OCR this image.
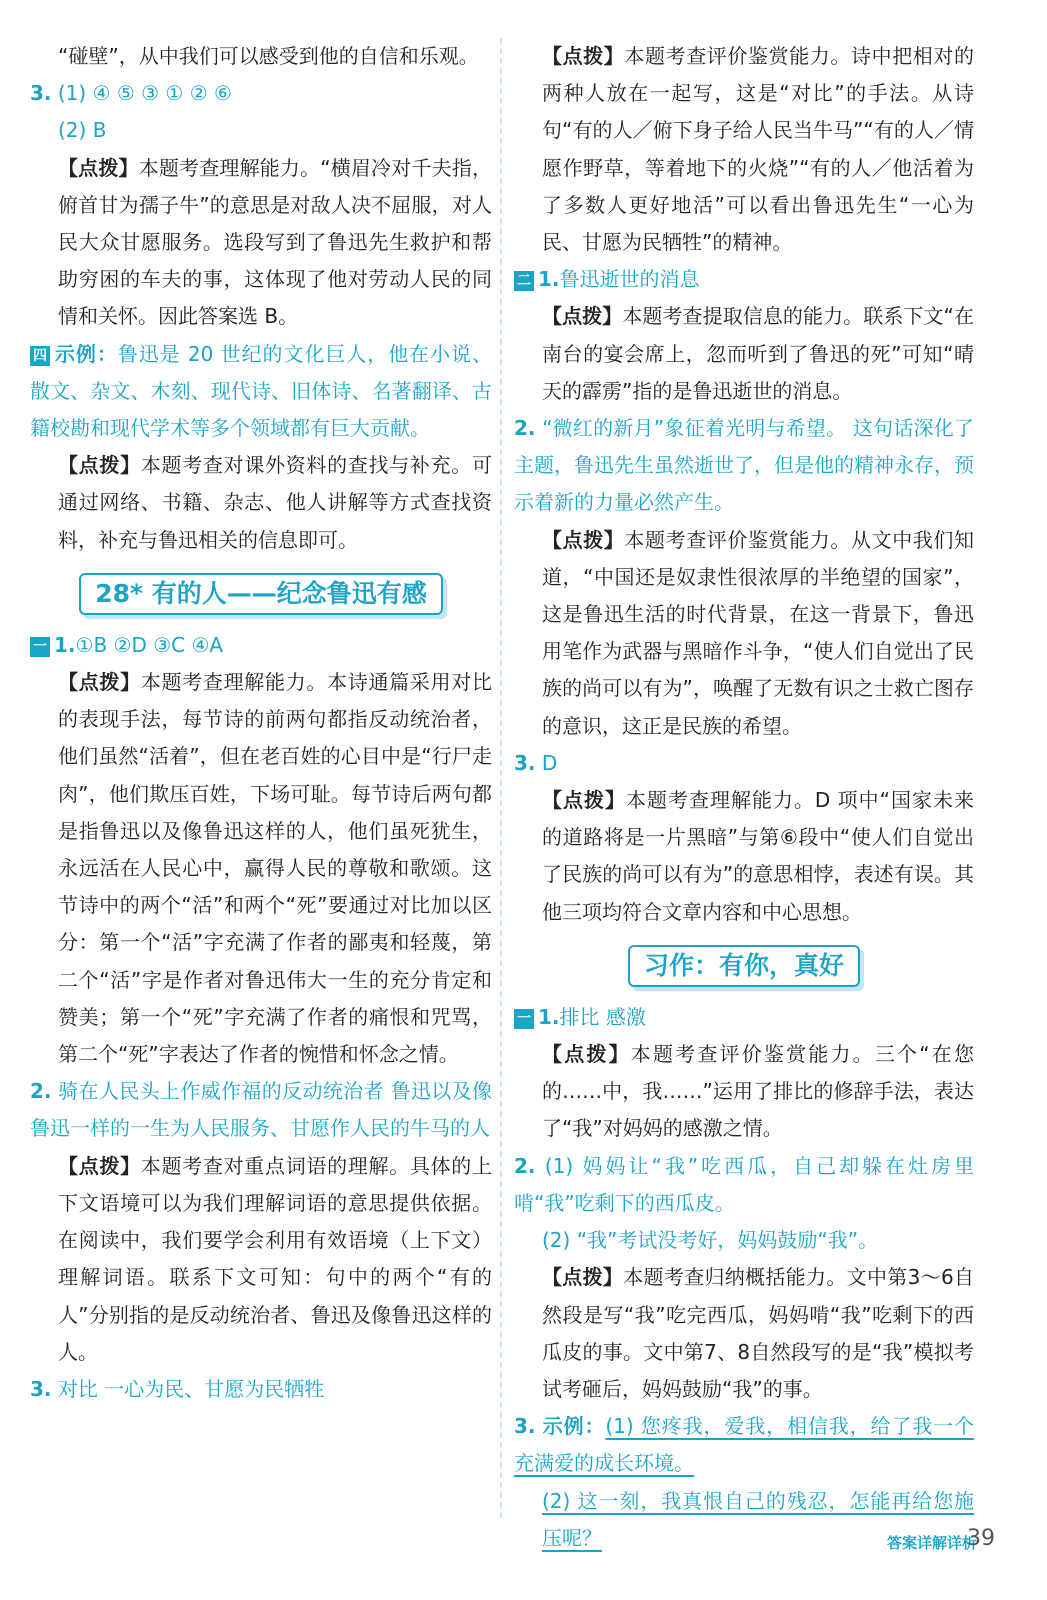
“碰壁”，从中我们可以感受到他的自信和乐观。

3. (1) ④ ⑤ ③ ① ② ⑥

(2) B

【点拨】本题考查理解能力。“横眉冷对千夫指，俯首甘为孺子牛”的意思是对敌人决不屈服，对人民大众甘愿服务。选段写到了鲁迅先生救护和帮助穷困的车夫的事，这体现了他对劳动人民的同情和关怀。因此答案选 B。

四 示例：鲁迅是 20 世纪的文化巨人，他在小说、散文、杂文、木刻、现代诗、旧体诗、名著翻译、古籍校勘和现代学术等多个领域都有巨大贡献。

【点拨】本题考查对课外资料的查找与补充。可通过网络、书籍、杂志、他人讲解等方式查找资料，补充与鲁迅相关的信息即可。

28* 有的人——纪念鲁迅有感

一 1.①B ②D ③C ④A

【点拨】本题考查理解能力。本诗通篇采用对比的表现手法，每节诗的前两句都指反动统治者，他们虽然“活着”，但在老百姓的心目中是“行尸走肉”，他们欺压百姓，下场可耻。每节诗后两句都是指鲁迅以及像鲁迅这样的人，他们虽死犹生，永远活在人民心中，赢得人民的尊敬和歌颂。这节诗中的两个“活”和两个“死”要通过对比加以区分：第一个“活”字充满了作者的鄙夷和轻蔑，第二个“活”字是作者对鲁迅伟大一生的充分肯定和赞美；第一个“死”字充满了作者的痛恨和咒骂，第二个“死”字表达了作者的惋惜和怀念之情。

2. 骑在人民头上作威作福的反动统治者 鲁迅以及像鲁迅一样的一生为人民服务、甘愿作人民的牛马的人

【点拨】本题考查对重点词语的理解。具体的上下文语境可以为我们理解词语的意思提供依据。在阅读中，我们要学会利用有效语境（上下文）理解词语。联系下文可知：句中的两个“有的人”分别指的是反动统治者、鲁迅及像鲁迅这样的人。

3. 对比 一心为民、甘愿为民牺牲

【点拨】本题考查评价鉴赏能力。诗中把相对的两种人放在一起写，这是“对比”的手法。从诗句“有的人／俯下身子给人民当牛马”“有的人／情愿作野草，等着地下的火烧”“有的人／他活着为了多数人更好地活”可以看出鲁迅先生“一心为民、甘愿为民牺牲”的精神。

二 1.鲁迅逝世的消息

【点拨】本题考查提取信息的能力。联系下文“在南台的宴会席上，忽而听到了鲁迅的死”可知“晴天的霹雳”指的是鲁迅逝世的消息。

2. “微红的新月”象征着光明与希望。 这句话深化了主题，鲁迅先生虽然逝世了，但是他的精神永存，预示着新的力量必然产生。

【点拨】本题考查评价鉴赏能力。从文中我们知道，“中国还是奴隶性很浓厚的半绝望的国家”，这是鲁迅生活的时代背景，在这一背景下，鲁迅用笔作为武器与黑暗作斗争，“使人们自觉出了民族的尚可以有为”，唤醒了无数有识之士救亡图存的意识，这正是民族的希望。

3. D

【点拨】本题考查理解能力。D 项中“国家未来的道路将是一片黑暗”与第⑥段中“使人们自觉出了民族的尚可以有为”的意思相悖，表述有误。其他三项均符合文章内容和中心思想。

习作：有你，真好

一 1.排比 感激

【点拨】本题考查评价鉴赏能力。三个“在您的……中，我……”运用了排比的修辞手法，表达了“我”对妈妈的感激之情。

2. (1) 妈妈让“我”吃西瓜，自己却躲在灶房里啃“我”吃剩下的西瓜皮。

(2) “我”考试没考好，妈妈鼓励“我”。

【点拨】本题考查归纳概括能力。文中第3～6自然段是写“我”吃完西瓜，妈妈啃“我”吃剩下的西瓜皮的事。文中第7、8自然段写的是“我”模拟考试考砸后，妈妈鼓励“我”的事。

3. 示例：(1) 您疼我，爱我，相信我，给了我一个充满爱的成长环境。

(2) 这一刻，我真恨自己的残忍，怎能再给您施压呢？	答案详解详析
39
